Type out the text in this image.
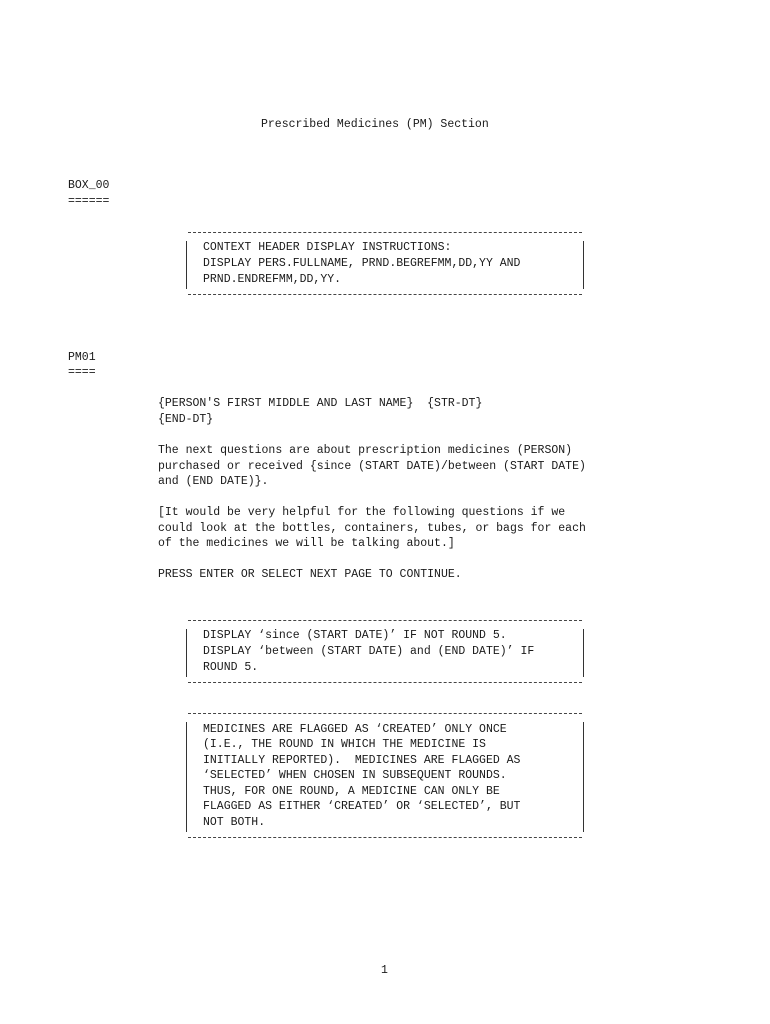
Prescribed Medicines (PM) Section
BOX_00
======
CONTEXT HEADER DISPLAY INSTRUCTIONS:
DISPLAY PERS.FULLNAME, PRND.BEGREFMM,DD,YY AND
PRND.ENDREFMM,DD,YY.
PM01
====
{PERSON'S FIRST MIDDLE AND LAST NAME}  {STR-DT}
{END-DT}
The next questions are about prescription medicines (PERSON)
purchased or received {since (START DATE)/between (START DATE)
and (END DATE)}.
[It would be very helpful for the following questions if we
could look at the bottles, containers, tubes, or bags for each
of the medicines we will be talking about.]
PRESS ENTER OR SELECT NEXT PAGE TO CONTINUE.
DISPLAY ‘since (START DATE)’ IF NOT ROUND 5.
DISPLAY ‘between (START DATE) and (END DATE)’ IF
ROUND 5.
MEDICINES ARE FLAGGED AS ‘CREATED’ ONLY ONCE
(I.E., THE ROUND IN WHICH THE MEDICINE IS
INITIALLY REPORTED).  MEDICINES ARE FLAGGED AS
‘SELECTED’ WHEN CHOSEN IN SUBSEQUENT ROUNDS.
THUS, FOR ONE ROUND, A MEDICINE CAN ONLY BE
FLAGGED AS EITHER ‘CREATED’ OR ‘SELECTED’, BUT
NOT BOTH.
1
